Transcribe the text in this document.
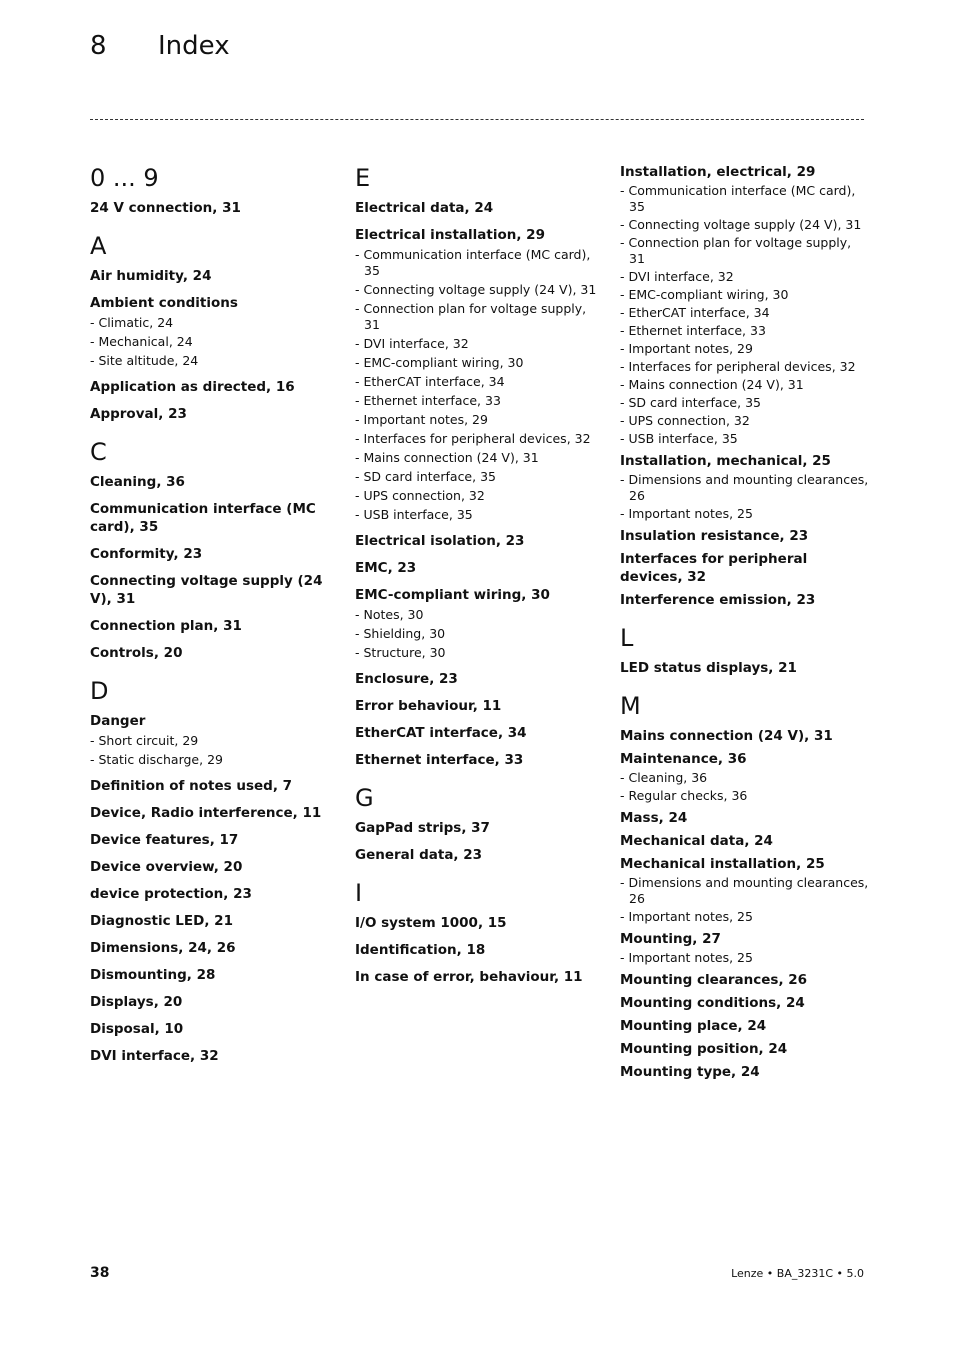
8 Index
0 ... 9
24 V connection, 31
A
Air humidity, 24
Ambient conditions
- Climatic, 24
- Mechanical, 24
- Site altitude, 24
Application as directed, 16
Approval, 23
C
Cleaning, 36
Communication interface (MC card), 35
Conformity, 23
Connecting voltage supply (24 V), 31
Connection plan, 31
Controls, 20
D
Danger
- Short circuit, 29
- Static discharge, 29
Definition of notes used, 7
Device, Radio interference, 11
Device features, 17
Device overview, 20
device protection, 23
Diagnostic LED, 21
Dimensions, 24, 26
Dismounting, 28
Displays, 20
Disposal, 10
DVI interface, 32
E
Electrical data, 24
Electrical installation, 29
- Communication interface (MC card), 35
- Connecting voltage supply (24 V), 31
- Connection plan for voltage supply, 31
- DVI interface, 32
- EMC-compliant wiring, 30
- EtherCAT interface, 34
- Ethernet interface, 33
- Important notes, 29
- Interfaces for peripheral devices, 32
- Mains connection (24 V), 31
- SD card interface, 35
- UPS connection, 32
- USB interface, 35
Electrical isolation, 23
EMC, 23
EMC-compliant wiring, 30
- Notes, 30
- Shielding, 30
- Structure, 30
Enclosure, 23
Error behaviour, 11
EtherCAT interface, 34
Ethernet interface, 33
G
GapPad strips, 37
General data, 23
I
I/O system 1000, 15
Identification, 18
In case of error, behaviour, 11
Installation, electrical, 29
- Communication interface (MC card), 35
- Connecting voltage supply (24 V), 31
- Connection plan for voltage supply, 31
- DVI interface, 32
- EMC-compliant wiring, 30
- EtherCAT interface, 34
- Ethernet interface, 33
- Important notes, 29
- Interfaces for peripheral devices, 32
- Mains connection (24 V), 31
- SD card interface, 35
- UPS connection, 32
- USB interface, 35
Installation, mechanical, 25
- Dimensions and mounting clearances, 26
- Important notes, 25
Insulation resistance, 23
Interfaces for peripheral devices, 32
Interference emission, 23
L
LED status displays, 21
M
Mains connection (24 V), 31
Maintenance, 36
- Cleaning, 36
- Regular checks, 36
Mass, 24
Mechanical data, 24
Mechanical installation, 25
- Dimensions and mounting clearances, 26
- Important notes, 25
Mounting, 27
- Important notes, 25
Mounting clearances, 26
Mounting conditions, 24
Mounting place, 24
Mounting position, 24
Mounting type, 24
38	Lenze • BA_3231C • 5.0
